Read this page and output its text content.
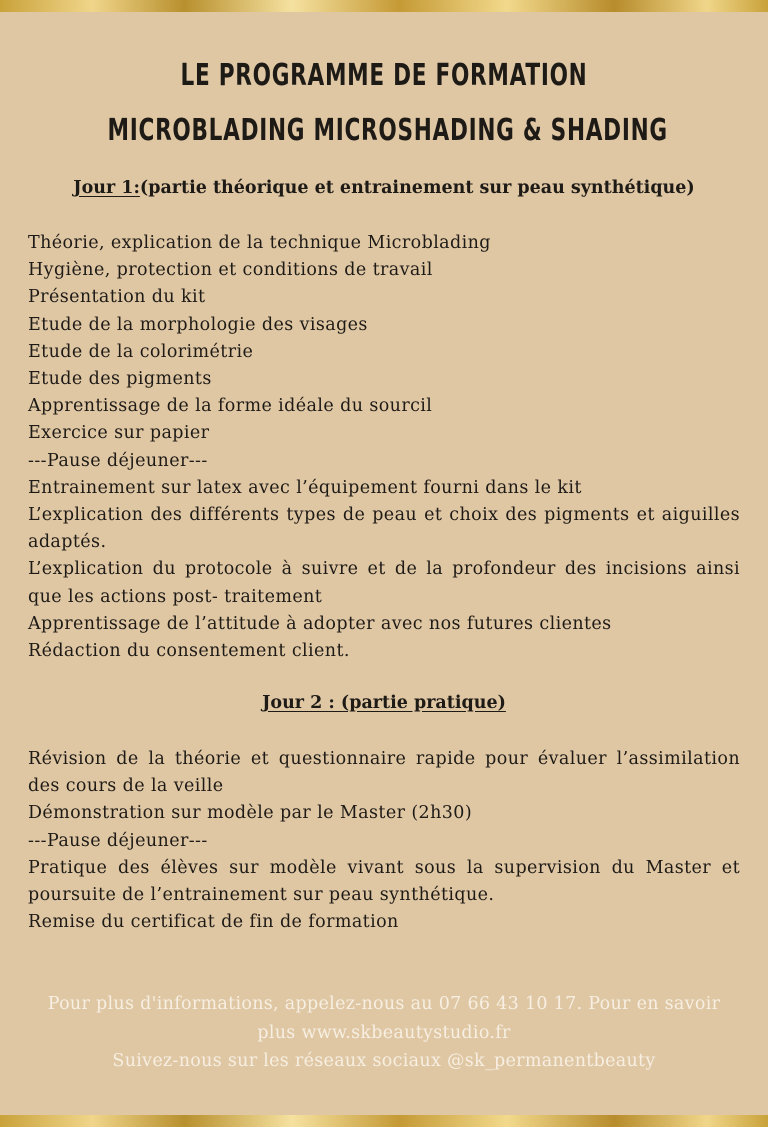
LE PROGRAMME DE FORMATION
MICROBLADING MICROSHADING & SHADING
Jour 1:(partie théorique et entrainement sur peau synthétique)
Théorie, explication de la technique Microblading
Hygiène, protection et conditions de travail
Présentation du kit
Etude de la morphologie des visages
Etude de la colorimétrie
Etude des pigments
Apprentissage de la forme idéale du sourcil
Exercice sur papier
---Pause déjeuner---
Entrainement sur latex avec l’équipement fourni dans le kit
L’explication des différents types de peau et choix des pigments et aiguilles adaptés.
L’explication du protocole à suivre et de la profondeur des incisions ainsi que les actions post- traitement
Apprentissage de l’attitude à adopter avec nos futures clientes
Rédaction du consentement client.
Jour 2 : (partie pratique)
Révision de la théorie et questionnaire rapide pour évaluer l’assimilation des cours de la veille
Démonstration sur modèle par le Master (2h30)
---Pause déjeuner---
Pratique des élèves sur modèle vivant sous la supervision du Master et poursuite de l’entrainement sur peau synthétique.
Remise du certificat de fin de formation

Pour plus d'informations, appelez-nous au 07 66 43 10 17. Pour en savoir plus www.skbeautystudio.fr

Suivez-nous sur les réseaux sociaux @sk_permanentbeauty
